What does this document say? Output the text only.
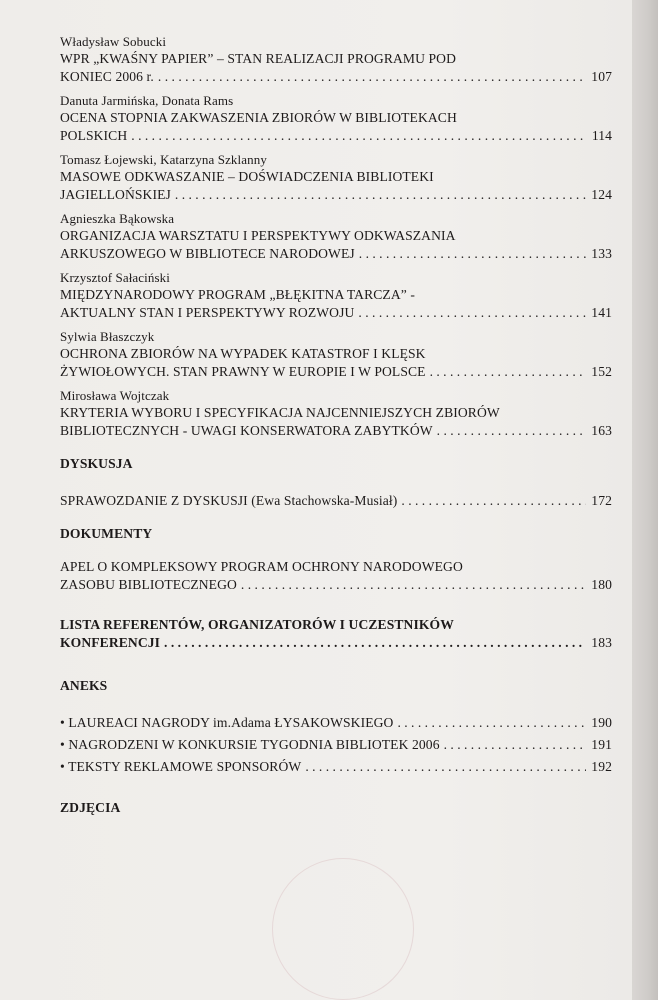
Władysław Sobucki
WPR „KWAŚNY PAPIER” – STAN REALIZACJI PROGRAMU POD
KONIEC 2006 r. . . .	107
Danuta Jarmińska, Donata Rams
OCENA STOPNIA ZAKWASZENIA ZBIORÓW W BIBLIOTEKACH
POLSKICH . . .	114
Tomasz Łojewski, Katarzyna Szklanny
MASOWE ODKWASZANIE – DOŚWIADCZENIA BIBLIOTEKI
JAGIELLOŃSKIEJ . . .	124
Agnieszka Bąkowska
ORGANIZACJA WARSZTATU I PERSPEKTYWY ODKWASZANIA
ARKUSZOWEGO W BIBLIOTECE NARODOWEJ . . .	133
Krzysztof Sałaciński
MIĘDZYNARODOWY PROGRAM „BŁĘKITNA TARCZA” -
AKTUALNY STAN I PERSPEKTYWY ROZWOJU . . .	141
Sylwia Błaszczyk
OCHRONA ZBIORÓW NA WYPADEK KATASTROF I KLĘSK
ŻYWIOŁOWYCH. STAN PRAWNY W EUROPIE I W POLSCE . . .	152
Mirosława Wojtczak
KRYTERIA WYBORU I SPECYFIKACJA NAJCENNIEJSZYCH ZBIORÓW
BIBLIOTECZNYCH - UWAGI KONSERWATORA ZABYTKÓW . . .	163
DYSKUSJA
SPRAWOZDANIE Z DYSKUSJI (Ewa Stachowska-Musiał) . . .	172
DOKUMENTY
APEL O KOMPLEKSOWY PROGRAM OCHRONY NARODOWEGO
ZASOBU BIBLIOTECZNEGO . . .	180
LISTA REFERENTÓW, ORGANIZATORÓW I UCZESTNIKÓW
KONFERENCJI . . .	183
ANEKS
• LAUREACI NAGRODY im.Adama ŁYSAKOWSKIEGO . . .	190
• NAGRODZENI W KONKURSIE TYGODNIA BIBLIOTEK 2006 . . .	191
• TEKSTY REKLAMOWE SPONSORÓW . . .	192
ZDJĘCIA
